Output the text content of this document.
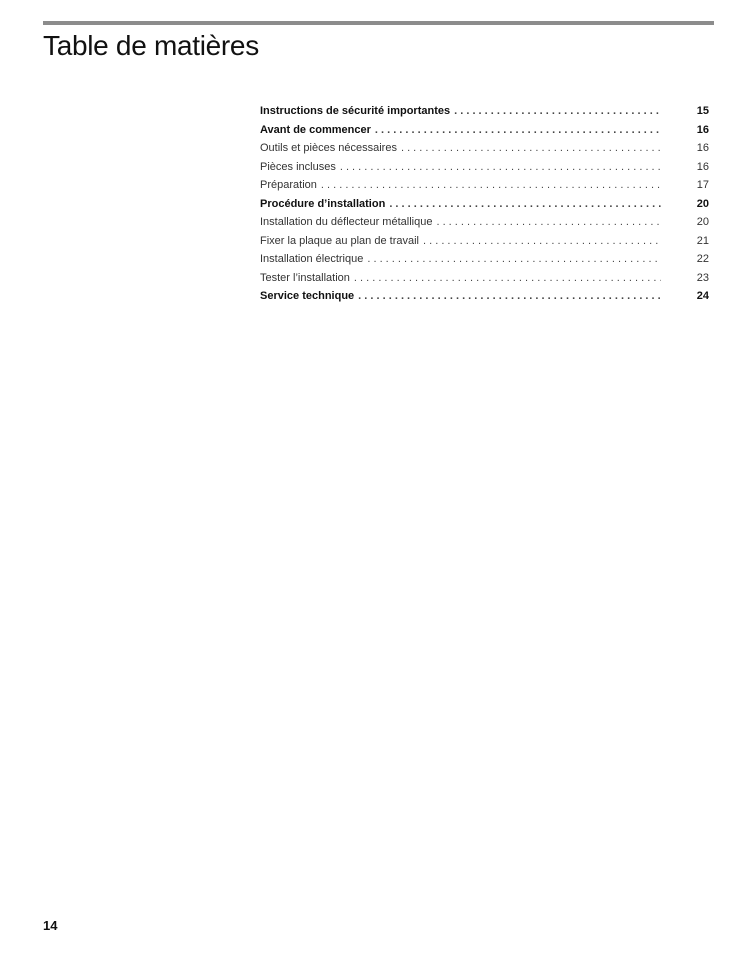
Table de matières
Instructions de sécurité importantes . . .	15
Avant de commencer . . .	16
Outils et pièces nécessaires . . .	16
Pièces incluses . . .	16
Préparation . . .	17
Procédure d’installation . . .	20
Installation du déflecteur métallique . . .	20
Fixer la plaque au plan de travail . . .	21
Installation électrique . . .	22
Tester l’installation . . .	23
Service technique . . .	24
14
